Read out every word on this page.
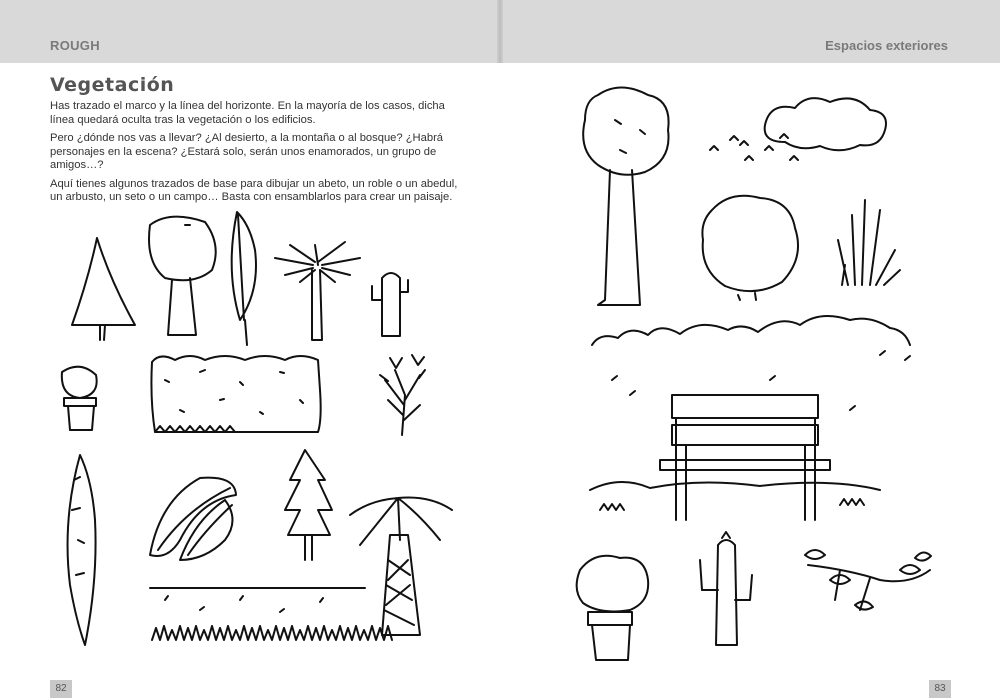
ROUGH	Espacios exteriores
Vegetación

Has trazado el marco y la línea del horizonte. En la mayoría de los casos, dicha línea quedará oculta tras la vegetación o los edificios.

Pero ¿dónde nos vas a llevar? ¿Al desierto, a la montaña o al bosque? ¿Habrá personajes en la escena? ¿Estará solo, serán unos enamorados, un grupo de amigos…?

Aquí tienes algunos trazados de base para dibujar un abeto, un roble o un abedul, un arbusto, un seto o un campo… Basta con ensamblarlos para crear un paisaje.

82	83
